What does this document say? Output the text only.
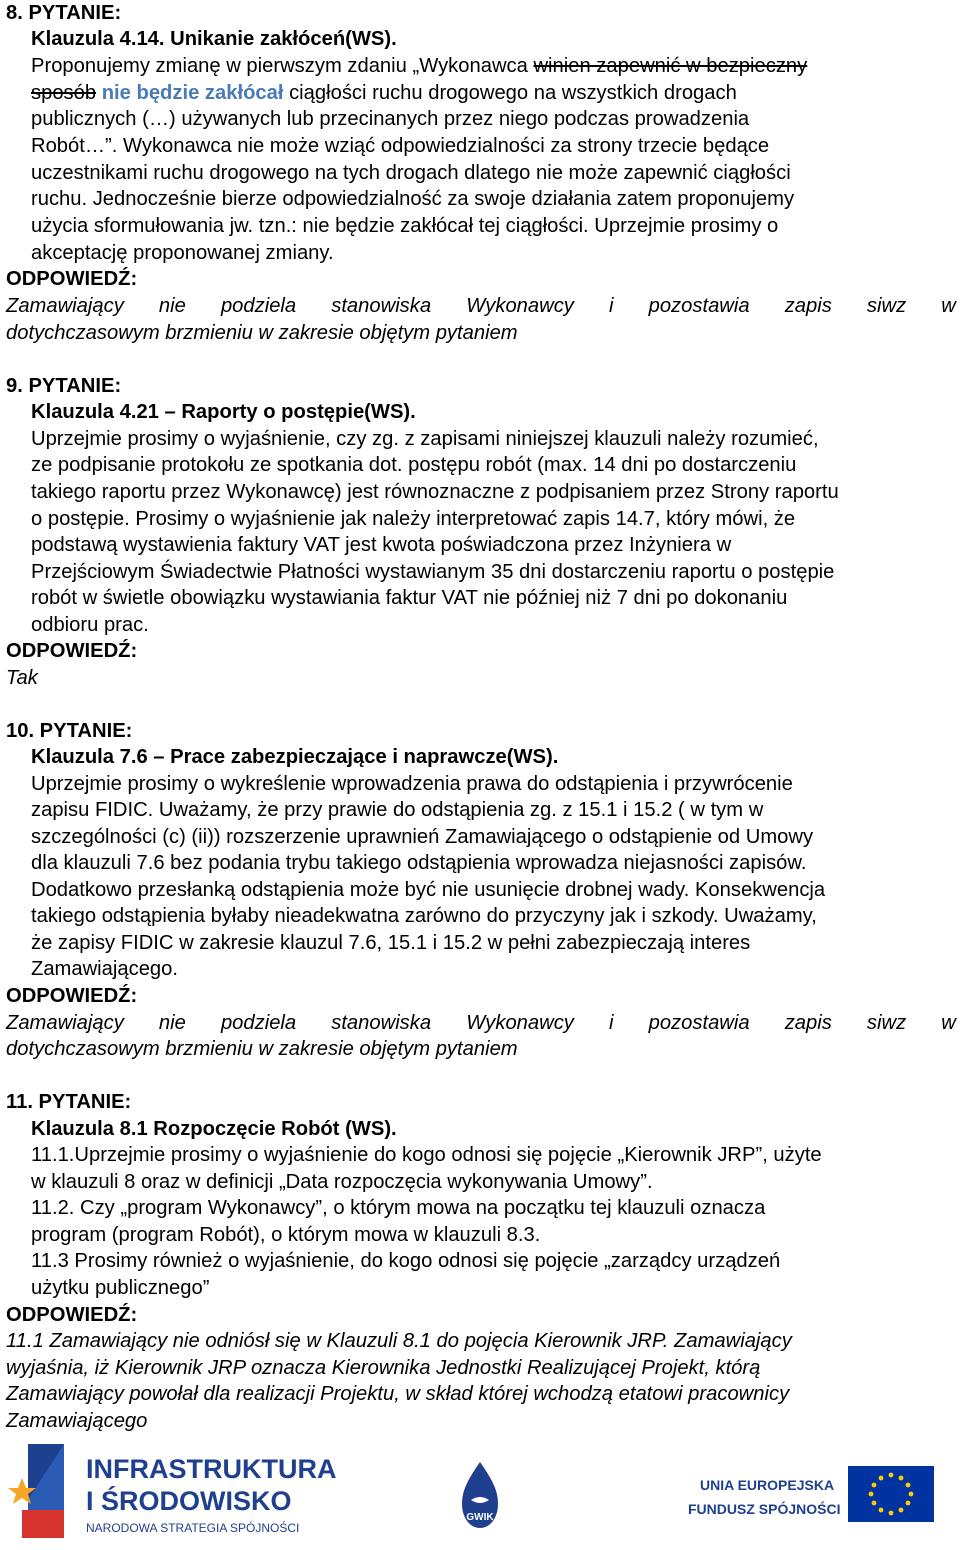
8. PYTANIE:
Klauzula 4.14. Unikanie zakłóceń(WS).
Proponujemy zmianę w pierwszym zdaniu „Wykonawca winien zapewnić w bezpieczny
sposób nie będzie zakłócał ciągłości ruchu drogowego na wszystkich drogach
publicznych (…) używanych lub przecinanych przez niego podczas prowadzenia
Robót…”. Wykonawca nie może wziąć odpowiedzialności za strony trzecie będące
uczestnikami ruchu drogowego na tych drogach dlatego nie może zapewnić ciągłości
ruchu. Jednocześnie bierze odpowiedzialność za swoje działania zatem proponujemy
użycia sformułowania jw. tzn.: nie będzie zakłócał tej ciągłości. Uprzejmie prosimy o
akceptację proponowanej zmiany.
ODPOWIEDŹ:
Zamawiający nie podziela stanowiska Wykonawcy i pozostawia zapis siwz w
dotychczasowym brzmieniu w zakresie objętym pytaniem
9. PYTANIE:
Klauzula 4.21 – Raporty o postępie(WS).
Uprzejmie prosimy o wyjaśnienie, czy zg. z zapisami niniejszej klauzuli należy rozumieć,
ze podpisanie protokołu ze spotkania dot. postępu robót (max. 14 dni po dostarczeniu
takiego raportu przez Wykonawcę) jest równoznaczne z podpisaniem przez Strony raportu
o postępie. Prosimy o wyjaśnienie jak należy interpretować zapis 14.7, który mówi, że
podstawą wystawienia faktury VAT jest kwota poświadczona przez Inżyniera w
Przejściowym Świadectwie Płatności wystawianym 35 dni dostarczeniu raportu o postępie
robót w świetle obowiązku wystawiania faktur VAT nie później niż 7 dni po dokonaniu
odbioru prac.
ODPOWIEDŹ:
Tak
10. PYTANIE:
Klauzula 7.6 – Prace zabezpieczające i naprawcze(WS).
Uprzejmie prosimy o wykreślenie wprowadzenia prawa do odstąpienia i przywrócenie
zapisu FIDIC. Uważamy, że przy prawie do odstąpienia zg. z 15.1 i 15.2 ( w tym w
szczególności (c) (ii)) rozszerzenie uprawnień Zamawiającego o odstąpienie od Umowy
dla klauzuli 7.6 bez podania trybu takiego odstąpienia wprowadza niejasności zapisów.
Dodatkowo przesłanką odstąpienia może być nie usunięcie drobnej wady. Konsekwencja
takiego odstąpienia byłaby nieadekwatna zarówno do przyczyny jak i szkody. Uważamy,
że zapisy FIDIC w zakresie klauzul 7.6, 15.1 i 15.2 w pełni zabezpieczają interes
Zamawiającego.
ODPOWIEDŹ:
Zamawiający nie podziela stanowiska Wykonawcy i pozostawia zapis siwz w
dotychczasowym brzmieniu w zakresie objętym pytaniem
11. PYTANIE:
Klauzula 8.1 Rozpoczęcie Robót (WS).
11.1.Uprzejmie prosimy o wyjaśnienie do kogo odnosi się pojęcie „Kierownik JRP”, użyte
w klauzuli 8 oraz w definicji „Data rozpoczęcia wykonywania Umowy”.
11.2. Czy „program Wykonawcy”, o którym mowa na początku tej klauzuli oznacza
program (program Robót), o którym mowa w klauzuli 8.3.
11.3 Prosimy również o wyjaśnienie, do kogo odnosi się pojęcie „zarządcy urządzeń
użytku publicznego”
ODPOWIEDŹ:
11.1 Zamawiający nie odniósł się w Klauzuli 8.1 do pojęcia Kierownik JRP. Zamawiający
wyjaśnia, iż Kierownik JRP oznacza Kierownika Jednostki Realizującej Projekt, którą
Zamawiający powołał dla realizacji Projektu, w skład której wchodzą etatowi pracownicy
Zamawiającego
INFRASTRUKTURA
I ŚRODOWISKO
NARODOWA STRATEGIA SPÓJNOŚCI
GWIK
UNIA EUROPEJSKA
FUNDUSZ SPÓJNOŚCI
